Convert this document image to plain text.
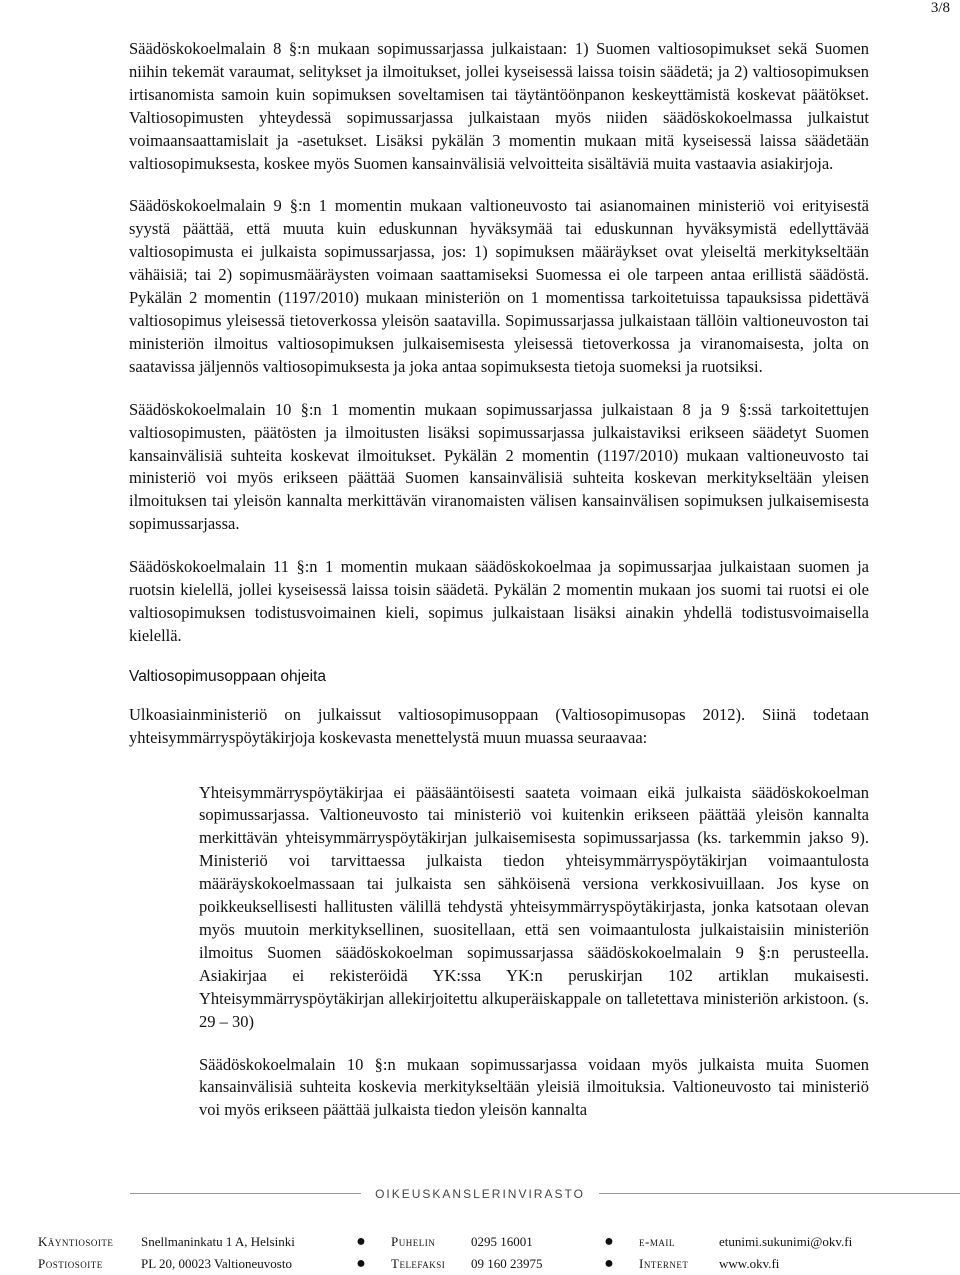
3/8

Säädöskokoelmalain 8 §:n mukaan sopimussarjassa julkaistaan: 1) Suomen valtiosopimukset sekä Suomen niihin tekemät varaumat, selitykset ja ilmoitukset, jollei kyseisessä laissa toisin säädetä; ja 2) valtiosopimuksen irtisanomista samoin kuin sopimuksen soveltamisen tai täytäntöönpanon keskeyttämistä koskevat päätökset. Valtiosopimusten yhteydessä sopimussarjassa julkaistaan myös niiden säädöskokoelmassa julkaistut voimaansaattamislait ja -asetukset. Lisäksi pykälän 3 momentin mukaan mitä kyseisessä laissa säädetään valtiosopimuksesta, koskee myös Suomen kansainvälisiä velvoitteita sisältäviä muita vastaavia asiakirjoja.

Säädöskokoelmalain 9 §:n 1 momentin mukaan valtioneuvosto tai asianomainen ministeriö voi erityisestä syystä päättää, että muuta kuin eduskunnan hyväksymää tai eduskunnan hyväksymistä edellyttävää valtiosopimusta ei julkaista sopimussarjassa, jos: 1) sopimuksen määräykset ovat yleiseltä merkitykseltään vähäisiä; tai 2) sopimusmääräysten voimaan saattamiseksi Suomessa ei ole tarpeen antaa erillistä säädöstä. Pykälän 2 momentin (1197/2010) mukaan ministeriön on 1 momentissa tarkoitetuissa tapauksissa pidettävä valtiosopimus yleisessä tietoverkossa yleisön saatavilla. Sopimussarjassa julkaistaan tällöin valtioneuvoston tai ministeriön ilmoitus valtiosopimuksen julkaisemisesta yleisessä tietoverkossa ja viranomaisesta, jolta on saatavissa jäljennös valtiosopimuksesta ja joka antaa sopimuksesta tietoja suomeksi ja ruotsiksi.

Säädöskokoelmalain 10 §:n 1 momentin mukaan sopimussarjassa julkaistaan 8 ja 9 §:ssä tarkoitettujen valtiosopimusten, päätösten ja ilmoitusten lisäksi sopimussarjassa julkaistaviksi erikseen säädetyt Suomen kansainvälisiä suhteita koskevat ilmoitukset. Pykälän 2 momentin (1197/2010) mukaan valtioneuvosto tai ministeriö voi myös erikseen päättää Suomen kansainvälisiä suhteita koskevan merkitykseltään yleisen ilmoituksen tai yleisön kannalta merkittävän viranomaisten välisen kansainvälisen sopimuksen julkaisemisesta sopimussarjassa.

Säädöskokoelmalain 11 §:n 1 momentin mukaan säädöskokoelmaa ja sopimussarjaa julkaistaan suomen ja ruotsin kielellä, jollei kyseisessä laissa toisin säädetä. Pykälän 2 momentin mukaan jos suomi tai ruotsi ei ole valtiosopimuksen todistusvoimainen kieli, sopimus julkaistaan lisäksi ainakin yhdellä todistusvoimaisella kielellä.

Valtiosopimusoppaan ohjeita

Ulkoasiainministeriö on julkaissut valtiosopimusoppaan (Valtiosopimusopas 2012). Siinä todetaan yhteisymmärryspöytäkirjoja koskevasta menettelystä muun muassa seuraavaa:

Yhteisymmärryspöytäkirjaa ei pääsääntöisesti saateta voimaan eikä julkaista säädöskokoelman sopimussarjassa. Valtioneuvosto tai ministeriö voi kuitenkin erikseen päättää yleisön kannalta merkittävän yhteisymmärryspöytäkirjan julkaisemisesta sopimussarjassa (ks. tarkemmin jakso 9). Ministeriö voi tarvittaessa julkaista tiedon yhteisymmärryspöytäkirjan voimaantulosta määräyskokoelmassaan tai julkaista sen sähköisenä versiona verkkosivuillaan. Jos kyse on poikkeuksellisesti hallitusten välillä tehdystä yhteisymmärryspöytäkirjasta, jonka katsotaan olevan myös muutoin merkityksellinen, suositellaan, että sen voimaantulosta julkaistaisiin ministeriön ilmoitus Suomen säädöskokoelman sopimussarjassa säädöskokoelmalain 9 §:n perusteella. Asiakirjaa ei rekisteröidä YK:ssa YK:n peruskirjan 102 artiklan mukaisesti. Yhteisymmärryspöytäkirjan allekirjoitettu alkuperäiskappale on talletettava ministeriön arkistoon. (s. 29 – 30)

Säädöskokoelmalain 10 §:n mukaan sopimussarjassa voidaan myös julkaista muita Suomen kansainvälisiä suhteita koskevia merkitykseltään yleisiä ilmoituksia. Valtioneuvosto tai ministeriö voi myös erikseen päättää julkaista tiedon yleisön kannalta

OIKEUSKANSLERINVIRASTO
Käyntiosoite	Snellmaninkatu 1 A, Helsinki	●	Puhelin	0295 16001	●	e-mail	etunimi.sukunimi@okv.fi
Postiosoite	PL 20, 00023 Valtioneuvosto	●	Telefaksi	09 160 23975	●	Internet	www.okv.fi
